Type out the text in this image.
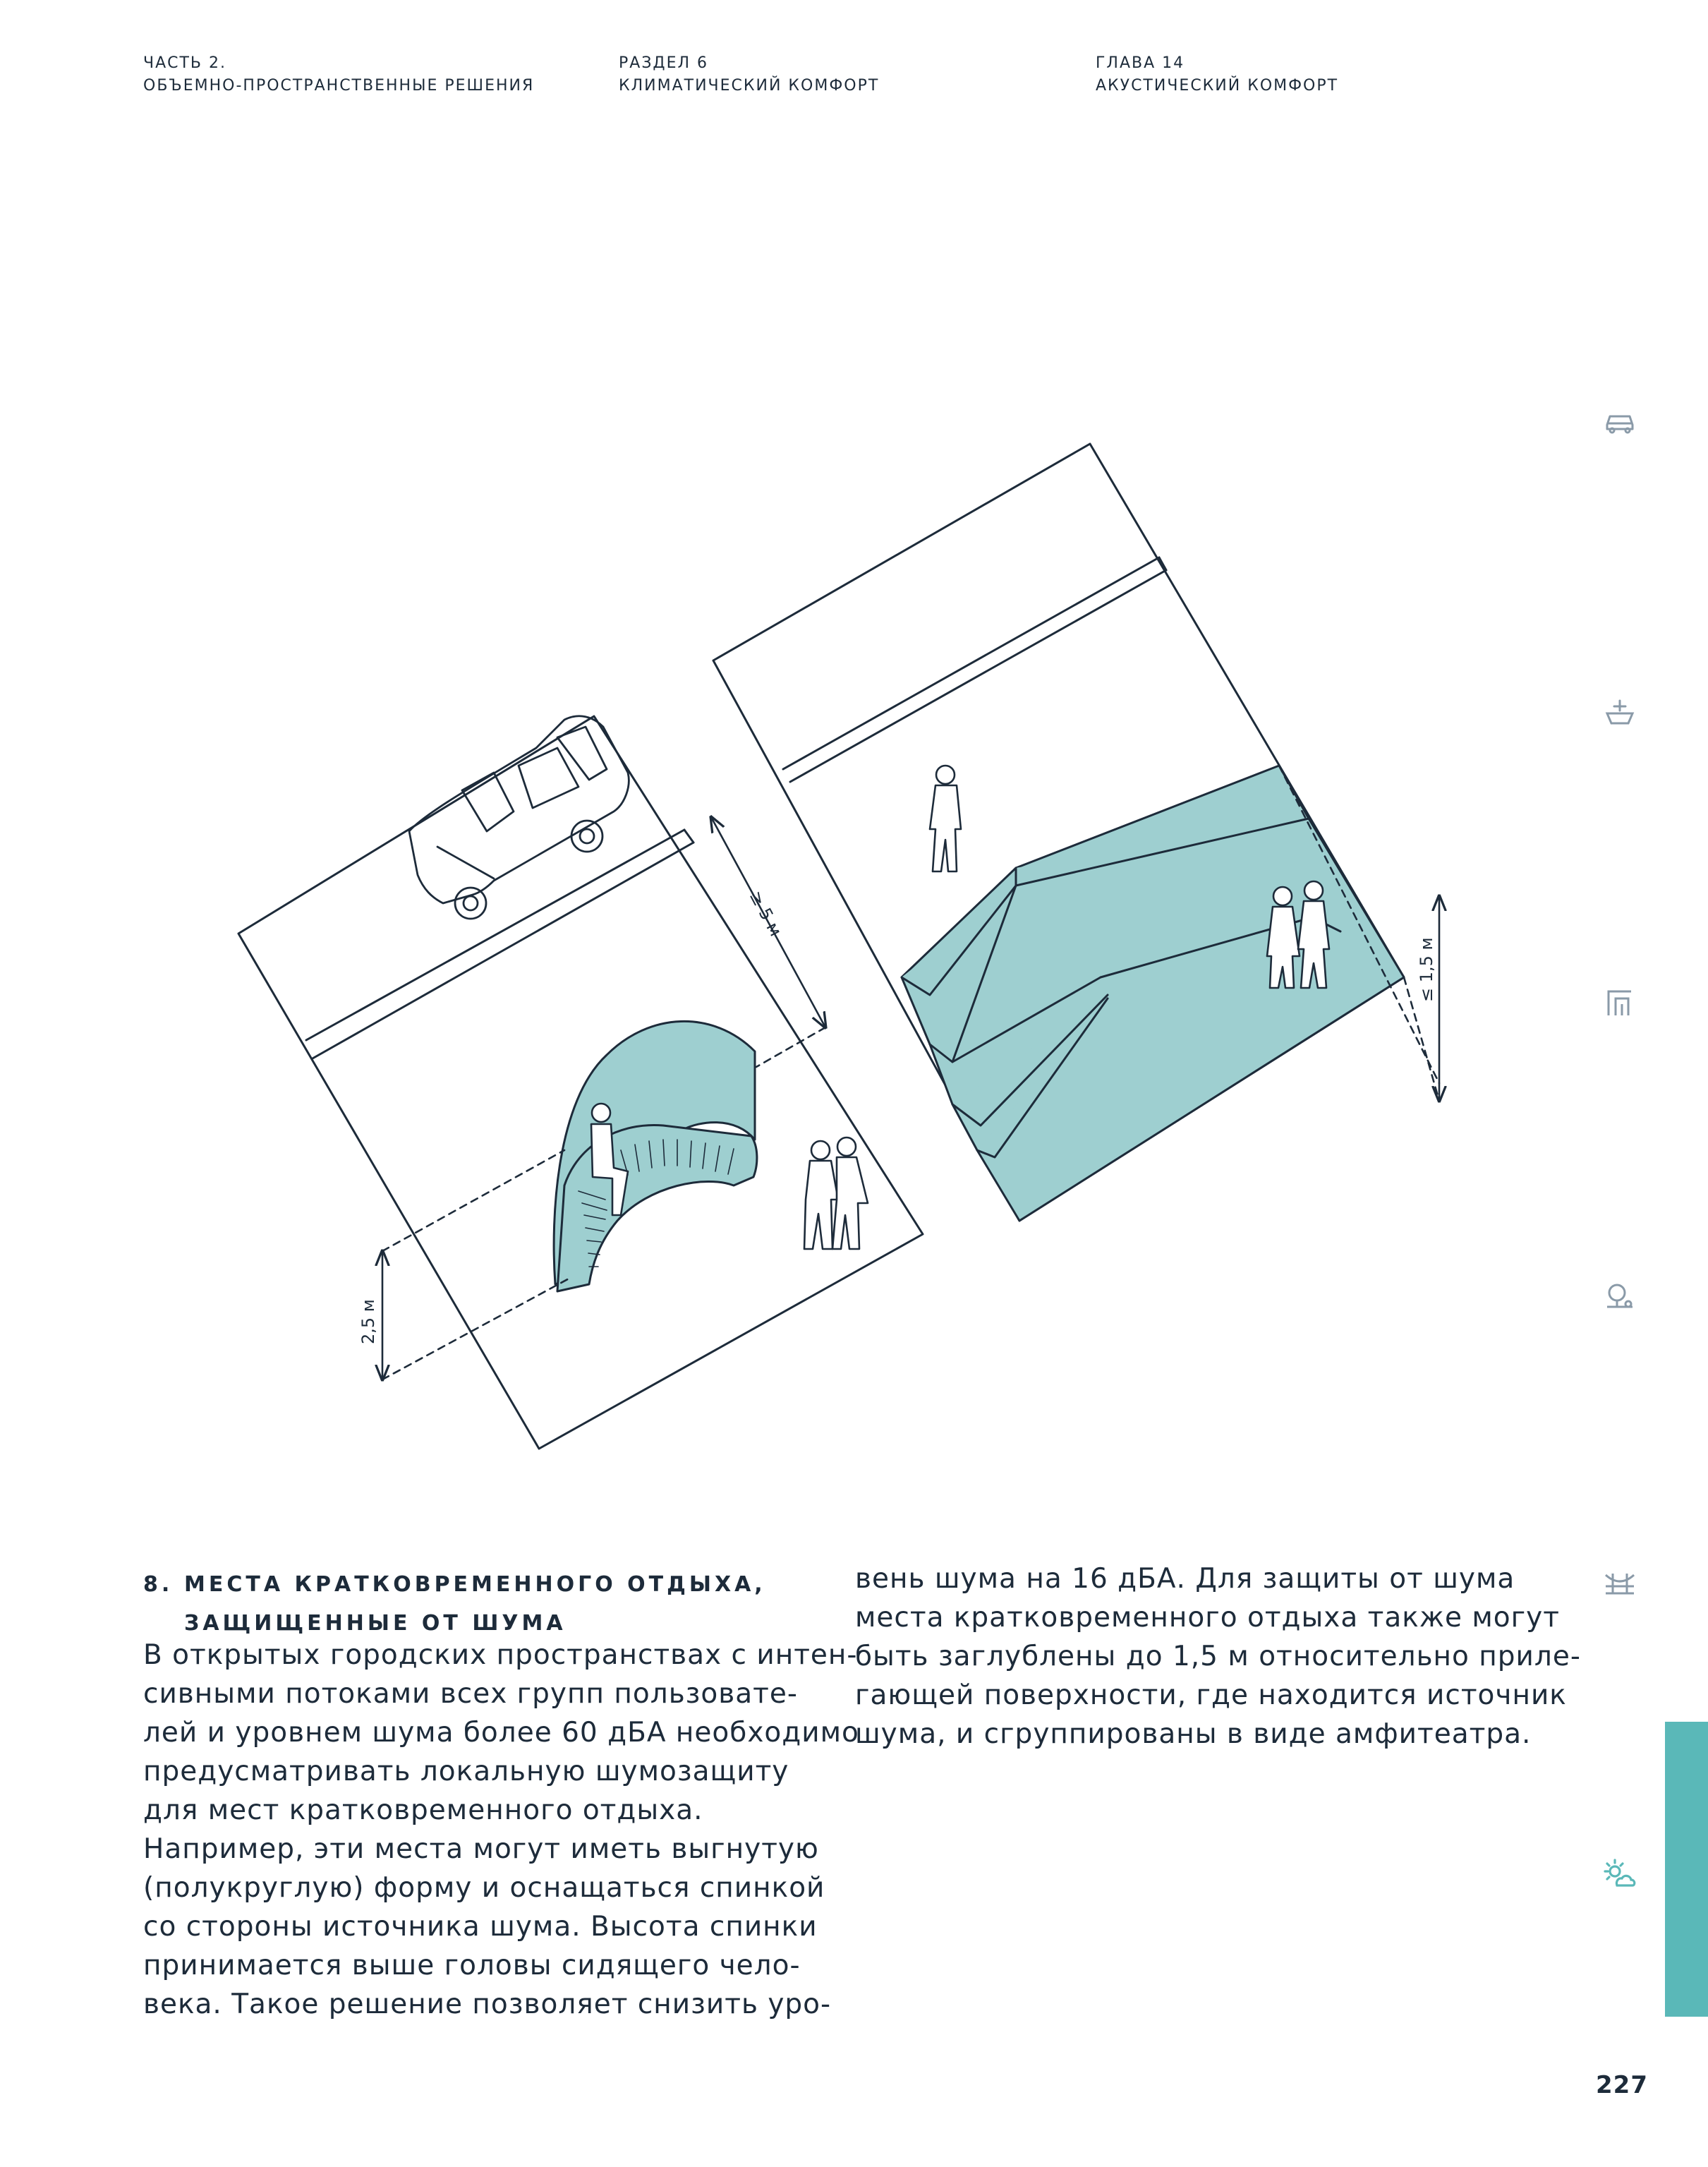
ЧАСТЬ 2.
ОБЪЕМНО-ПРОСТРАНСТВЕННЫЕ РЕШЕНИЯ
РАЗДЕЛ 6
КЛИМАТИЧЕСКИЙ КОМФОРТ
ГЛАВА 14
АКУСТИЧЕСКИЙ КОМФОРТ
2,5 м
≥ 5 м
≤ 1,5 м
8. МЕСТА КРАТКОВРЕМЕННОГО ОТДЫХА,
ЗАЩИЩЕННЫЕ ОТ ШУМА
В открытых городских пространствах с интен-
сивными потоками всех групп пользовате-
лей и уровнем шума более 60 дБА необходимо
предусматривать локальную шумозащиту
для мест кратковременного отдыха.
Например, эти места могут иметь выгнутую
(полукруглую) форму и оснащаться спинкой
со стороны источника шума. Высота спинки
принимается выше головы сидящего чело-
века. Такое решение позволяет снизить уро-
вень шума на 16 дБА. Для защиты от шума
места кратковременного отдыха также могут
быть заглублены до 1,5 м относительно приле-
гающей поверхности, где находится источник
шума, и сгруппированы в виде амфитеатра.
227
